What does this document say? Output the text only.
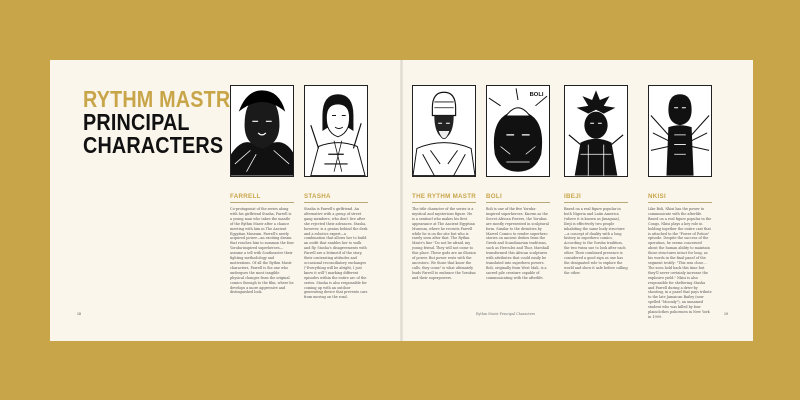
RYTHM MASTR
PRINCIPAL
CHARACTERS
FARRELL
Co-protagonist of the series along with his girlfriend Stasha, Farrell is a young man who takes the mantle of the Rythm Mastr after a chance meeting with him in The Ancient Egyptian Museum. Farrell's newly acquired power—an exciting dream that reaches him to summon the four Yoruba-inspired superheroes—assume a tell with Southeaster their fighting methodology and motivations. Of all the Rythm Mastr characters, Farrell is the one who undergoes the most tangible physical changes from the original comics through to the film, where he develops a more aggressive and distinguished look.
STASHA
Stasha is Farrell's girlfriend. An alternative with a group of street gang members, who don't live after she rejected their advances. Stasha, however, is a genius behind the desk and a robotics expert—a combination that allows her to build an outfit that enables her to walk and fly. Stasha's disagreements with Farrell are a leitmotif of the story, their contrasting attitudes and occasional reconciliatory exchanges ("Everything will be alright, I just know it will") marking different episodes within the entire arc of the series. Stasha is also responsible for coming up with an outdoor generating device that prevents cars from moving on the road.
THE RYTHM MASTR
The title character of the series is a mystical and mysterious figure. He is a sentinel who makes his first appearance at The Ancient Egyptian Museum, where he recruits Farrell while he is on the site but who is rarely seen after that. The Rythm Mastr's line "Do not be afraid, my young friend. They will not come to this place. These gods are an illusion of power. But power rests with the ancestors. We those that know the calls, they come" is what ultimately leads Farrell to embrace the Yorubas and their superpowers.
BOLI
BOLI
Boli is one of the five Yoruba-inspired superheroes. Known as the Secret African Powers, the Yorubas are mostly represented in sculptural form. Similar to the divinities by Marvel Comics to render superhero stories on ancient deities from the Greek and Scandinavian traditions, such as Hercules and Thor, Marshall transformed this African sculptures with attributes that could easily be translated into superhero powers. Boli, originally from West Mali, is a sacred pile creature capable of communicating with the afterlife.
IBEJI
Based on a real figure popular in both Nigeria and Latin America (where it is known as Jimaguas), Ibeji is effectively two people inhabiting the same body structure—a concept of duality with a long history in superhero comics. According to the Yoruba tradition, the two twins use to look after each other. Their combined presence is considered a good sign as one has the designated role to explore the world and show it safe before calling the other.
NKISI
Like Boli, Nkisi has the power to communicate with the afterlife. Based on a real figure popular in the Congo, Nkisi plays a key role in holding together the entire cast that is attached to the "Power of Potion" episode. Despite the success of the operation, he seems concerned about the human ability to maintain those structures intact for long, as his words in the final panel of the segment testify: "This was close.... The soon hold back this time but they'll never certainly increase the explosive yield." Nkisi is also responsible for sheltering Stasha and Farrell during a drive-by shooting, in a panel that pays tribute to the late Jamaican Bailey (now spelled "Moondy"), an unnamed student who was killed by four plainclothes policemen in New York in 1999.
18	Rythm Mastr Principal Characters	19
